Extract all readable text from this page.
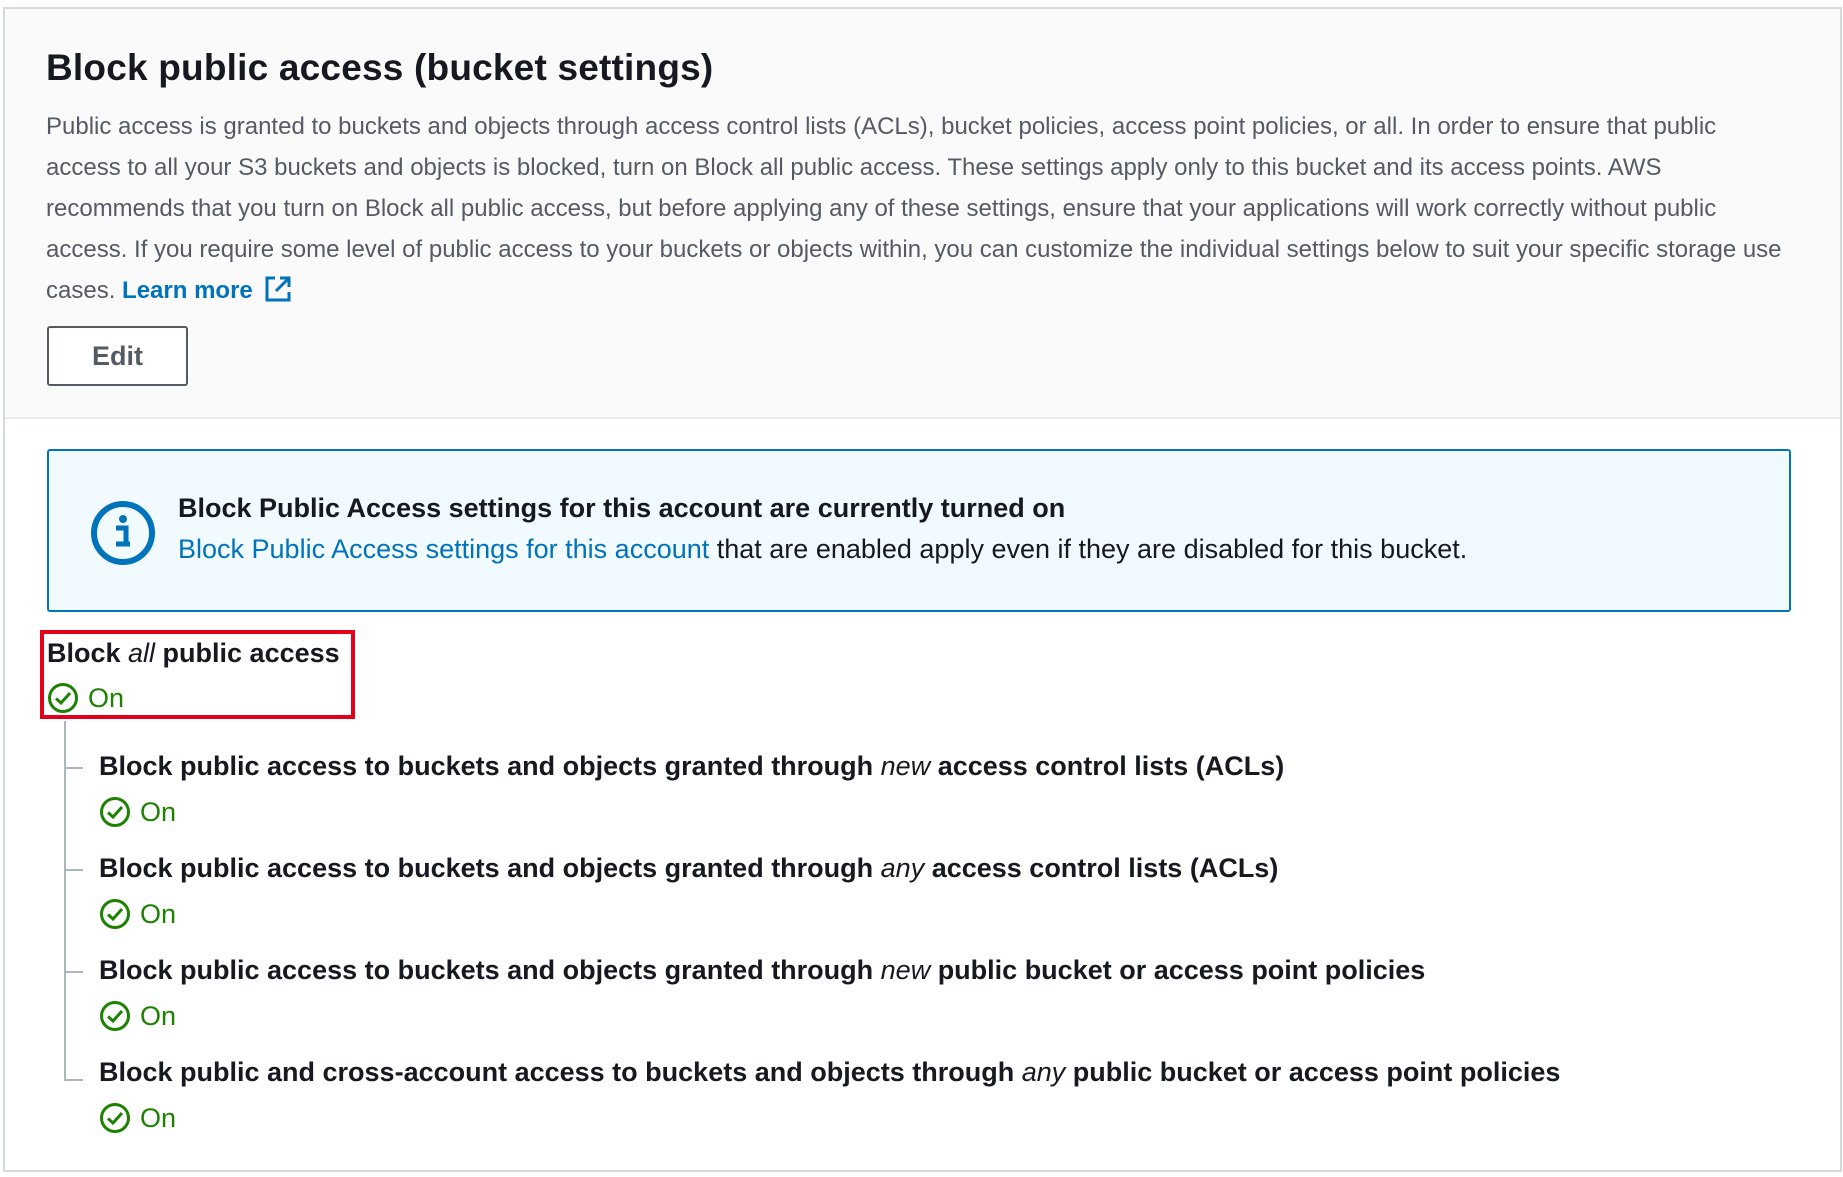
Block public access (bucket settings)

Public access is granted to buckets and objects through access control lists (ACLs), bucket policies, access point policies, or all. In order to ensure that public access to all your S3 buckets and objects is blocked, turn on Block all public access. These settings apply only to this bucket and its access points. AWS recommends that you turn on Block all public access, but before applying any of these settings, ensure that your applications will work correctly without public access. If you require some level of public access to your buckets or objects within, you can customize the individual settings below to suit your specific storage use cases. Learn more

Edit

Block Public Access settings for this account are currently turned on

Block Public Access settings for this account that are enabled apply even if they are disabled for this bucket.

Block all public access

On

Block public access to buckets and objects granted through new access control lists (ACLs)

On

Block public access to buckets and objects granted through any access control lists (ACLs)

On

Block public access to buckets and objects granted through new public bucket or access point policies

On

Block public and cross-account access to buckets and objects through any public bucket or access point policies

On
